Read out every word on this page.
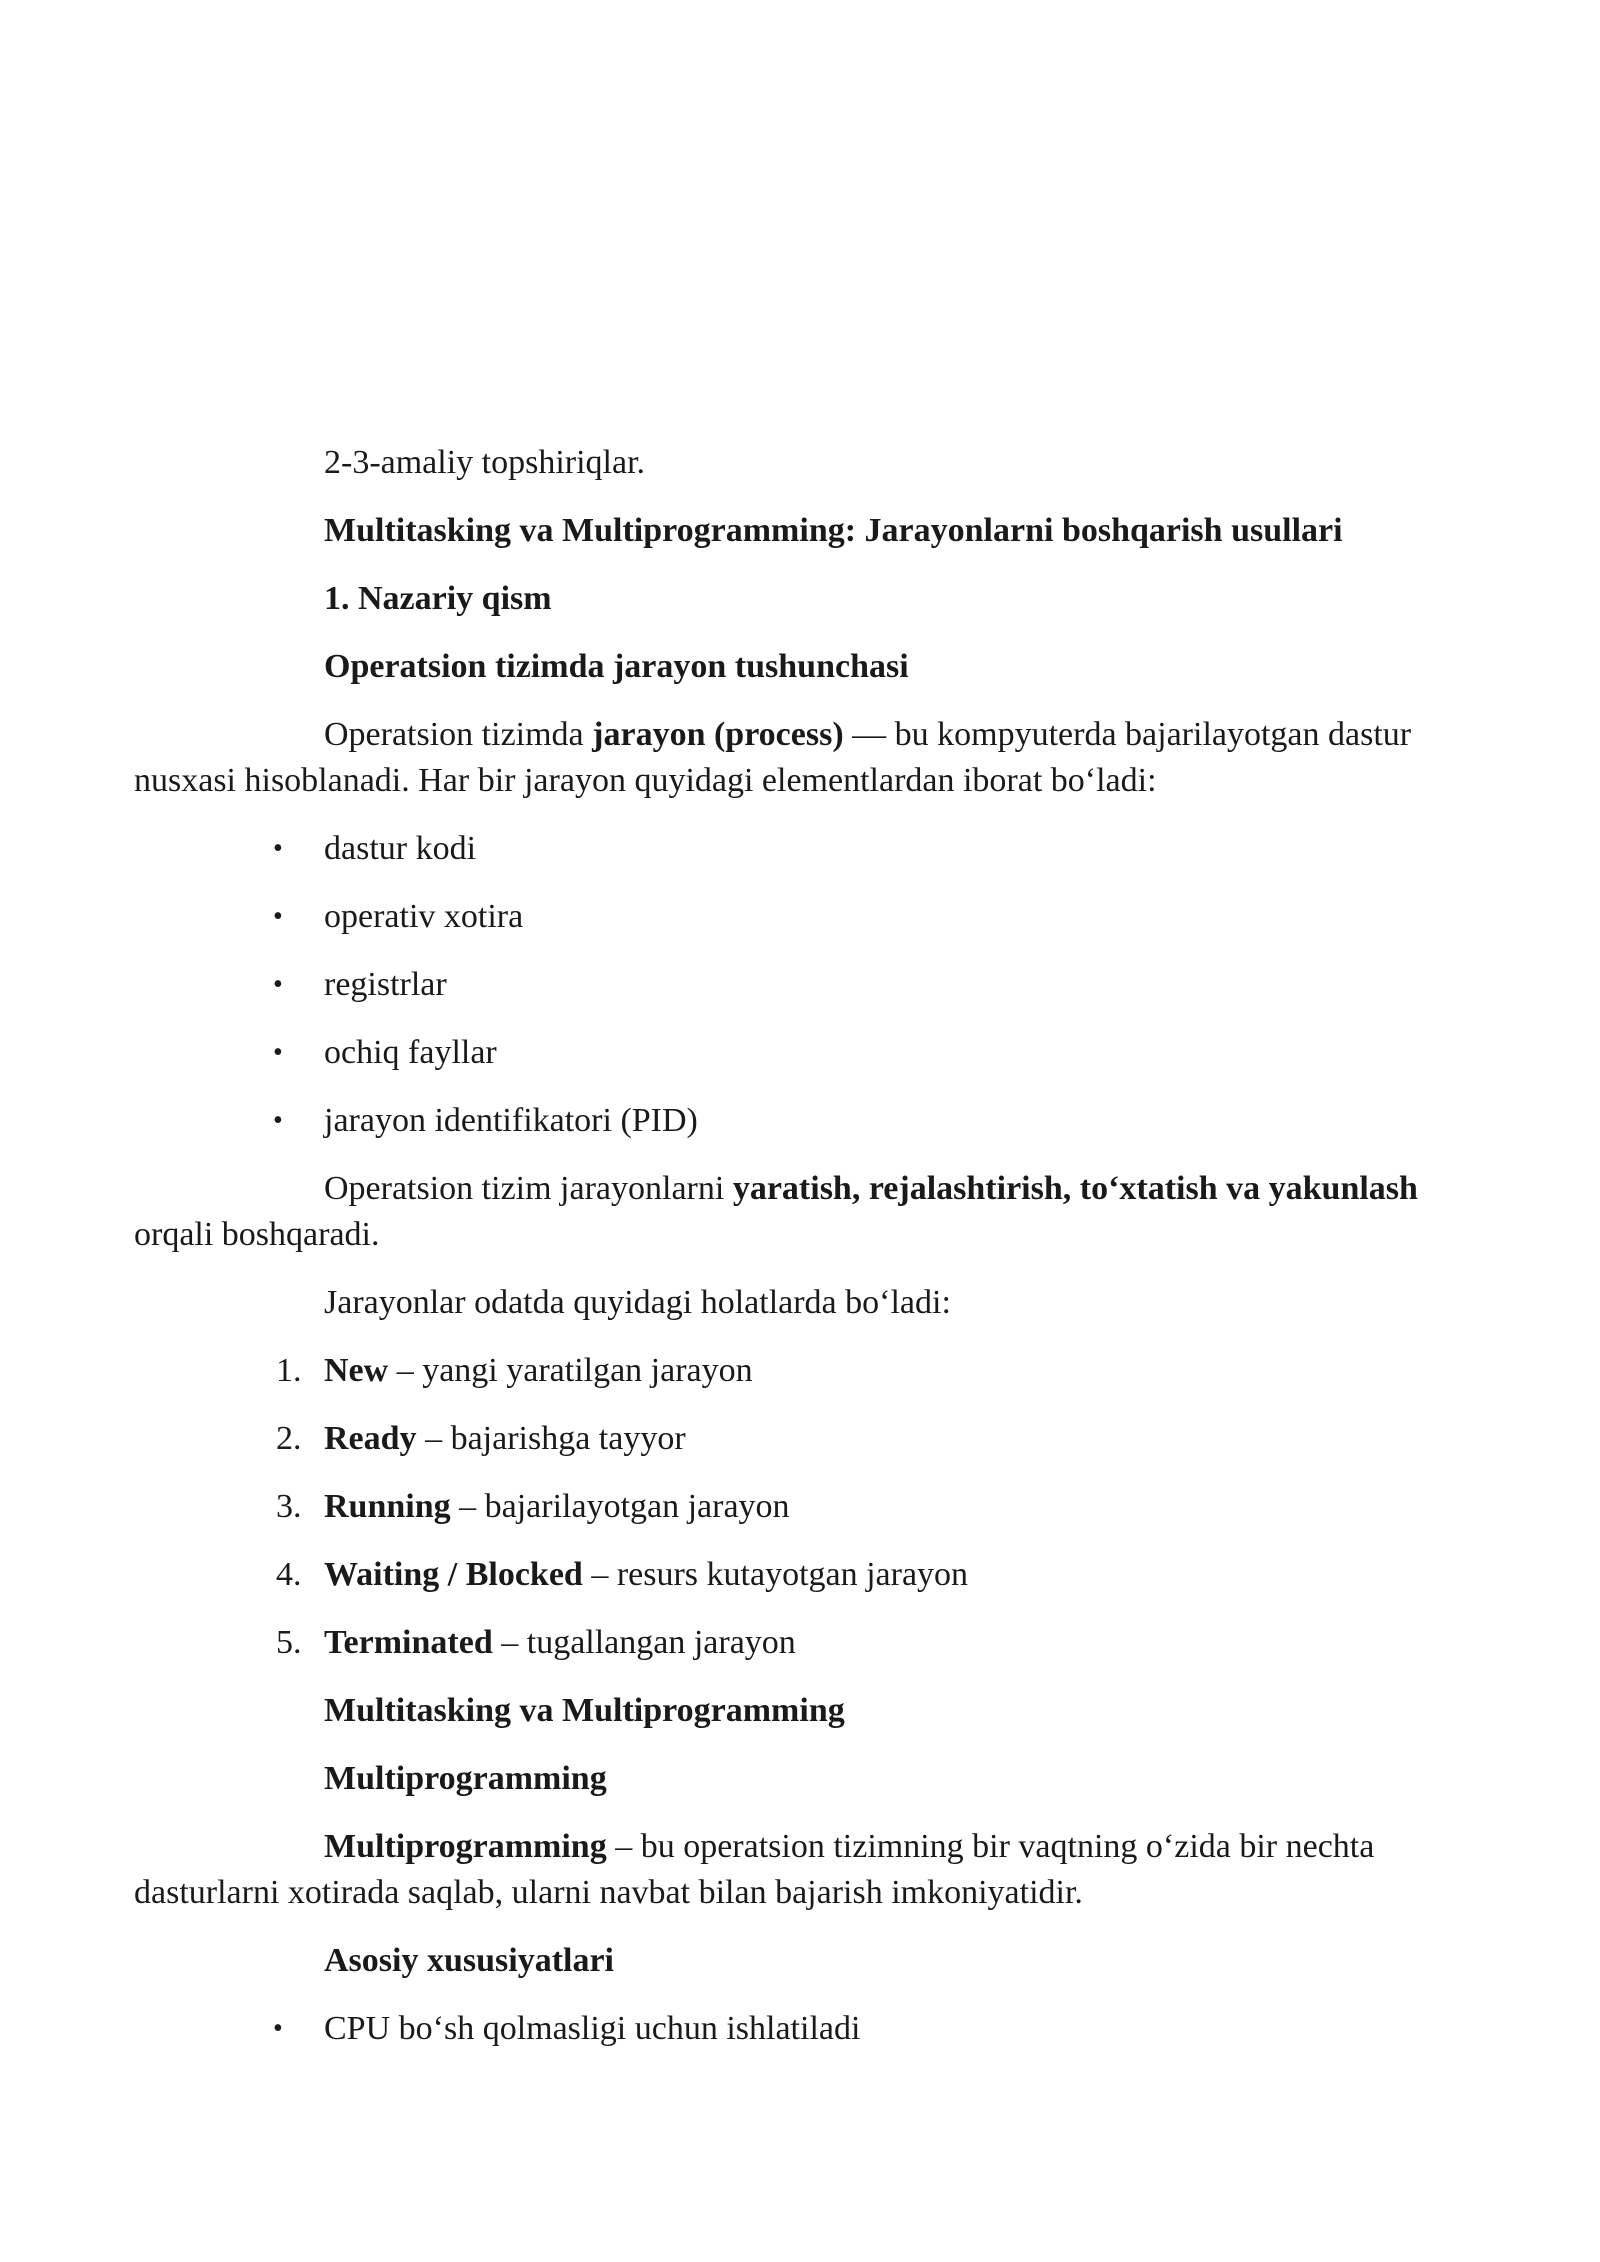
2-3-amaliy topshiriqlar.
Multitasking va Multiprogramming: Jarayonlarni boshqarish usullari
1. Nazariy qism
Operatsion tizimda jarayon tushunchasi
Operatsion tizimda jarayon (process) — bu kompyuterda bajarilayotgan dastur nusxasi hisoblanadi. Har bir jarayon quyidagi elementlardan iborat bo‘ladi:
• dastur kodi
• operativ xotira
• registrlar
• ochiq fayllar
• jarayon identifikatori (PID)
Operatsion tizim jarayonlarni yaratish, rejalashtirish, to‘xtatish va yakunlash orqali boshqaradi.
Jarayonlar odatda quyidagi holatlarda bo‘ladi:
1. New – yangi yaratilgan jarayon
2. Ready – bajarishga tayyor
3. Running – bajarilayotgan jarayon
4. Waiting / Blocked – resurs kutayotgan jarayon
5. Terminated – tugallangan jarayon
Multitasking va Multiprogramming
Multiprogramming
Multiprogramming – bu operatsion tizimning bir vaqtning o‘zida bir nechta dasturlarni xotirada saqlab, ularni navbat bilan bajarish imkoniyatidir.
Asosiy xususiyatlari
• CPU bo‘sh qolmasligi uchun ishlatiladi
